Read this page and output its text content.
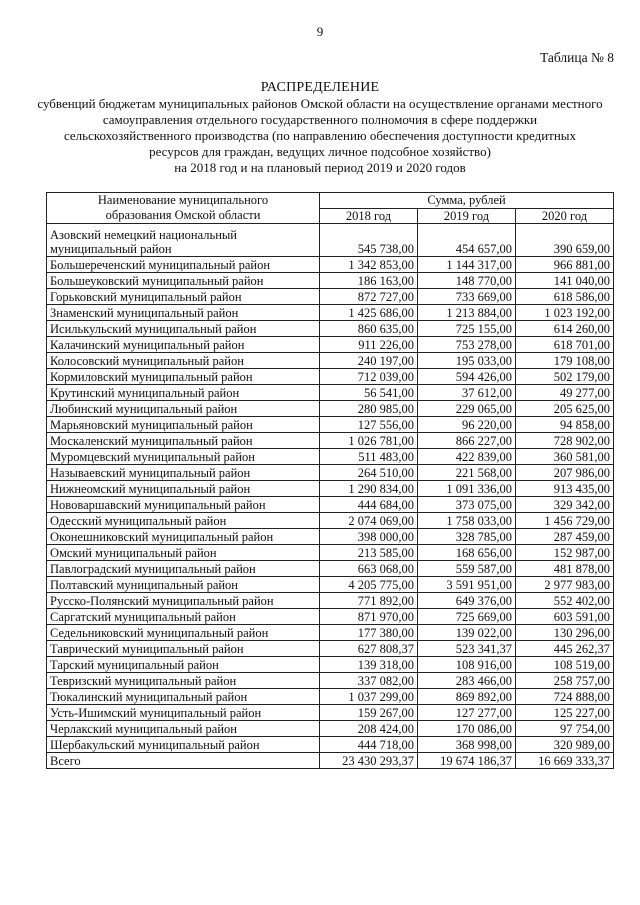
9
Таблица № 8
РАСПРЕДЕЛЕНИЕ
субвенций бюджетам муниципальных районов Омской области на осуществление органами местного
самоуправления отдельного государственного полномочия в сфере поддержки
сельскохозяйственного производства (по направлению обеспечения доступности кредитных
ресурсов для граждан, ведущих личное подсобное хозяйство)
на 2018 год и на плановый период 2019 и 2020 годов
Наименование муниципального
образования Омской области	Сумма, рублей		
	2018 год	2019 год	2020 год

Азовский немецкий национальный
муниципальный район	545 738,00	454 657,00	390 659,00
Большереченский муниципальный район	1 342 853,00	1 144 317,00	966 881,00
Большеуковский муниципальный район	186 163,00	148 770,00	141 040,00
Горьковский муниципальный район	872 727,00	733 669,00	618 586,00
Знаменский муниципальный район	1 425 686,00	1 213 884,00	1 023 192,00
Исилькульский муниципальный район	860 635,00	725 155,00	614 260,00
Калачинский муниципальный район	911 226,00	753 278,00	618 701,00
Колосовский муниципальный район	240 197,00	195 033,00	179 108,00
Кормиловский муниципальный район	712 039,00	594 426,00	502 179,00
Крутинский муниципальный район	56 541,00	37 612,00	49 277,00
Любинский муниципальный район	280 985,00	229 065,00	205 625,00
Марьяновский муниципальный район	127 556,00	96 220,00	94 858,00
Москаленский муниципальный район	1 026 781,00	866 227,00	728 902,00
Муромцевский муниципальный район	511 483,00	422 839,00	360 581,00
Называевский муниципальный район	264 510,00	221 568,00	207 986,00
Нижнеомский муниципальный район	1 290 834,00	1 091 336,00	913 435,00
Нововаршавский муниципальный район	444 684,00	373 075,00	329 342,00
Одесский муниципальный район	2 074 069,00	1 758 033,00	1 456 729,00
Оконешниковский муниципальный район	398 000,00	328 785,00	287 459,00
Омский муниципальный район	213 585,00	168 656,00	152 987,00
Павлоградский муниципальный район	663 068,00	559 587,00	481 878,00
Полтавский муниципальный район	4 205 775,00	3 591 951,00	2 977 983,00
Русско-Полянский муниципальный район	771 892,00	649 376,00	552 402,00
Саргатский муниципальный район	871 970,00	725 669,00	603 591,00
Седельниковский муниципальный район	177 380,00	139 022,00	130 296,00
Таврический муниципальный район	627 808,37	523 341,37	445 262,37
Тарский муниципальный район	139 318,00	108 916,00	108 519,00
Тевризский муниципальный район	337 082,00	283 466,00	258 757,00
Тюкалинский муниципальный район	1 037 299,00	869 892,00	724 888,00
Усть-Ишимский муниципальный район	159 267,00	127 277,00	125 227,00
Черлакский муниципальный район	208 424,00	170 086,00	97 754,00
Шербакульский муниципальный район	444 718,00	368 998,00	320 989,00
Всего	23 430 293,37	19 674 186,37	16 669 333,37
